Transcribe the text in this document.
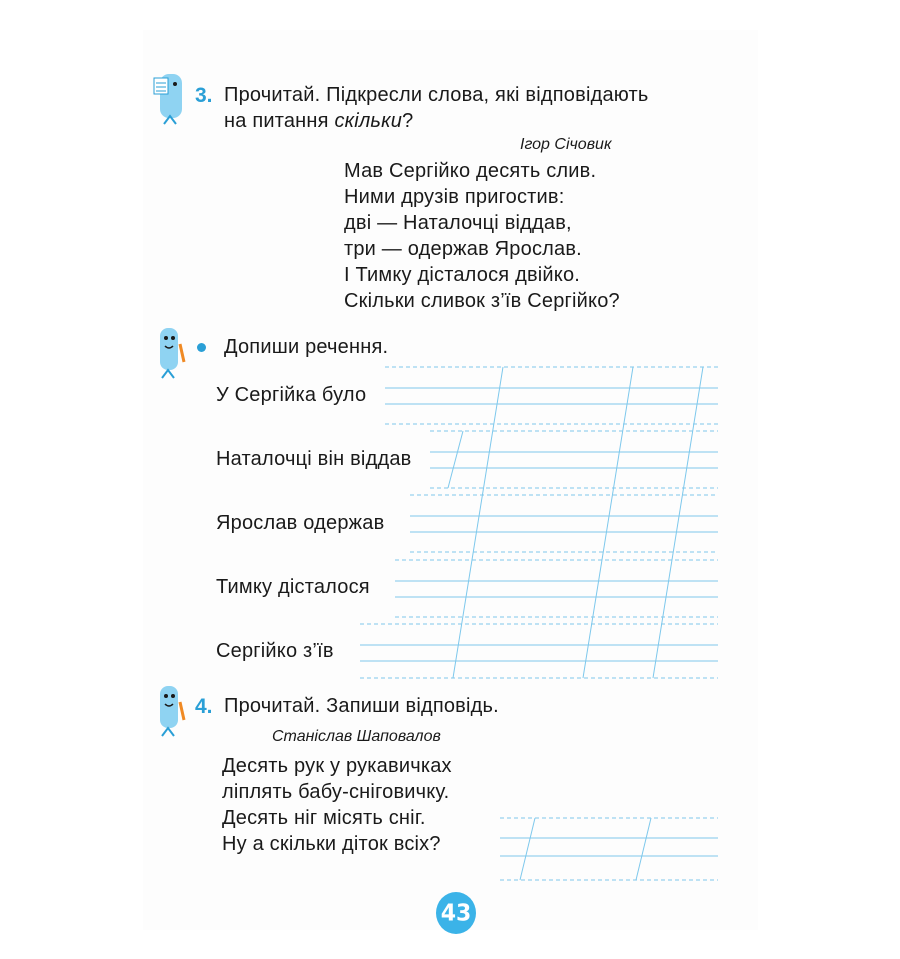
3. Прочитай. Підкресли слова, які відповідають
на питання скільки?
Ігор Січовик
Мав Сергійко десять слив.
Ними друзів пригостив:
дві — Наталочці віддав,
три — одержав Ярослав.
І Тимку дісталося двійко.
Скільки сливок з’їв Сергійко?
Допиши речення.
У Сергійка було
Наталочці він віддав
Ярослав одержав
Тимку дісталося
Сергійко з’їв
4. Прочитай. Запиши відповідь.
Станіслав Шаповалов
Десять рук у рукавичках
ліплять бабу-сніговичку.
Десять ніг місять сніг.
Ну а скільки діток всіх?
43
